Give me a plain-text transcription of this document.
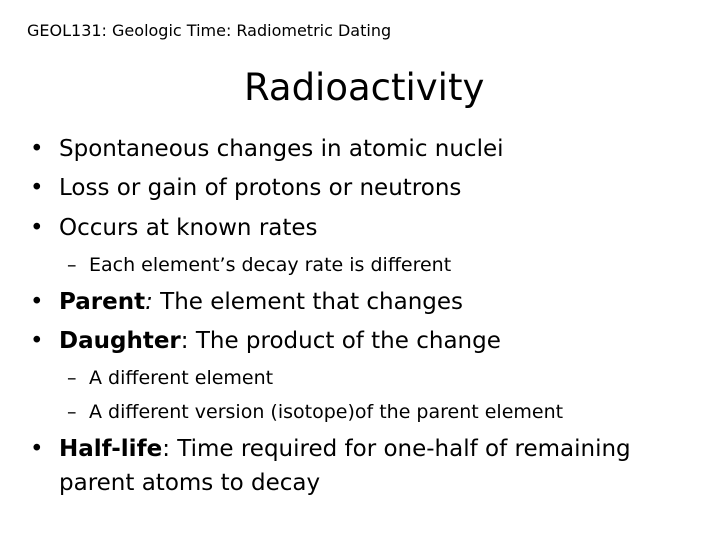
GEOL131: Geologic Time: Radiometric Dating
Radioactivity
• Spontaneous changes in atomic nuclei
• Loss or gain of protons or neutrons
• Occurs at known rates
– Each element’s decay rate is different
• Parent: The element that changes
• Daughter: The product of the change
– A different element
– A different version (isotope)of the parent element
• Half-life: Time required for one-half of remaining
parent atoms to decay
